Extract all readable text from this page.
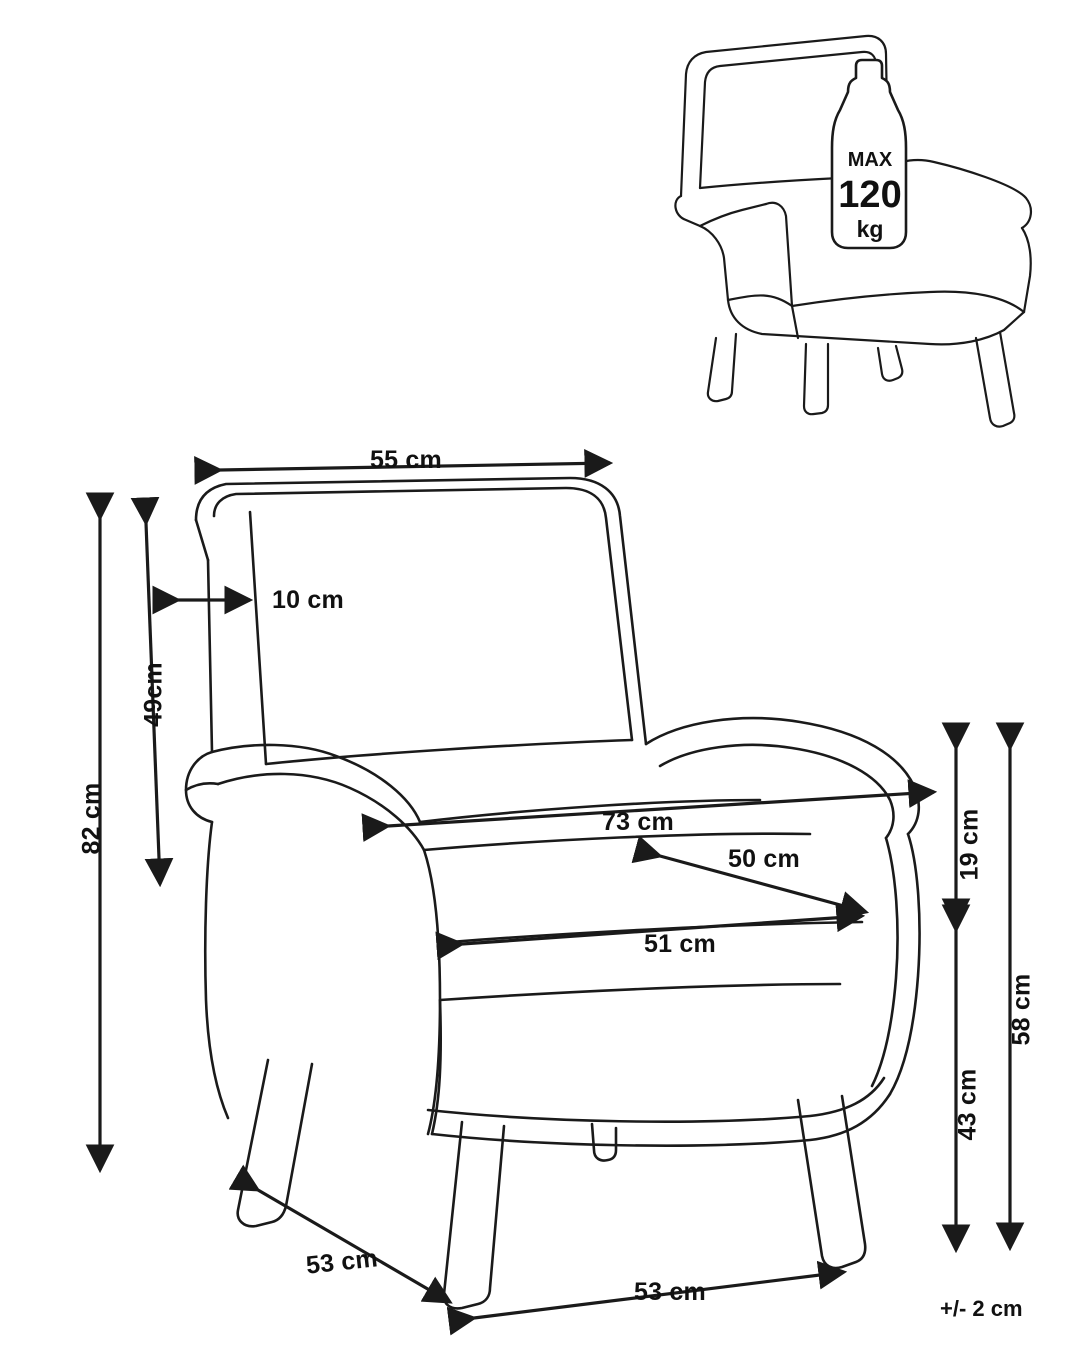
55 cm
10 cm
49cm
82 cm	73 cm
50 cm
51 cm
19 cm
58 cm
43 cm
53 cm
53 cm
+/- 2 cm
MAX
120
kg
